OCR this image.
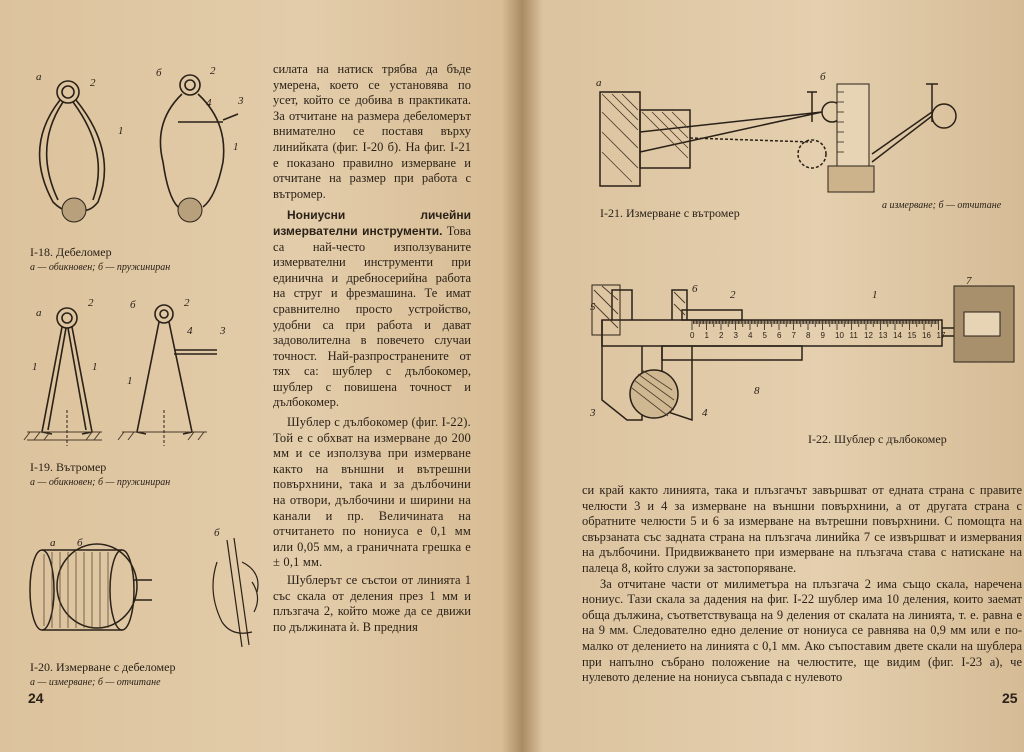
а	б
2
1
2
4 3
1
I-18. Дебеломер
а — обикновен; б — пружиниран
а
б
2
1	1
2
4	3
1
I-19. Вътромер
а — обикновен; б — пружиниран
а
б
б
I-20. Измерване с дебеломер
а — измерване; б — отчитане
24

силата на натиск трябва да бъде умерена, което се установява по усет, който се добива в практиката. За отчитане на размера дебеломерът внимателно се поставя върху линийката (фиг. I-20 б). На фиг. I-21 е показано правилно измерване и отчитане на размер при работа с вътромер.

Нониусни личейни измервателни инструменти. Това са най-често използуваните измервателни инструменти при единична и дребносерийна работа на струг и фрезмашина. Те имат сравнително просто устройство, удобни са при работа и дават задоволителна в повечето случаи точност. Най-разпространените от тях са: шублер с дълбокомер, шублер с повишена точност и дълбокомер.

Шублер с дълбокомер (фиг. I-22). Той е с обхват на измерване до 200 мм и се използува при измерване както на външни и вътрешни повърхнини, така и за дълбочини на отвори, дълбочини и ширини на канали и пр. Величината на отчитането по нониуса е 0,1 мм или 0,05 мм, а граничната грешка е ± 0,1 мм.

Шублерът се състои от линията 1 със скала от деления през 1 мм и плъзгача 2, който може да се движи по дължината ѝ. В предния

а	б
I-21. Измерване с вътромер
а измерване; б — отчитане
0 1 2 3 4 5 6 7 8 9 10 11 12 13 14 15 16 17
5
6	2	1
7
3	4
8
I-22. Шублер с дълбокомер
25

си край както линията, така и плъзгачът завършват от едната страна с правите челюсти 3 и 4 за измерване на външни повърхнини, а от другата страна с обратните челюсти 5 и 6 за измерване на вътрешни повърхнини. С помощта на свързаната със задната страна на плъзгача линийка 7 се извършват и измервания на дълбочини. Придвижването при измерване на плъзгача става с натискане на палеца 8, който служи за застопоряване.

За отчитане части от милиметъра на плъзгача 2 има също скала, наречена нониус. Тази скала за дадения на фиг. I-22 шублер има 10 деления, които заемат обща дължина, съответствуваща на 9 деления от скалата на линията, т. е. равна е на 9 мм. Следователно едно деление от нониуса се равнява на 0,9 мм или е по-малко от делението на линията с 0,1 мм. Ако съпоставим двете скали на шублера при напълно събрано положение на челюстите, ще видим (фиг. I-23 а), че нулевото деление на нониуса съвпада с нулевото
